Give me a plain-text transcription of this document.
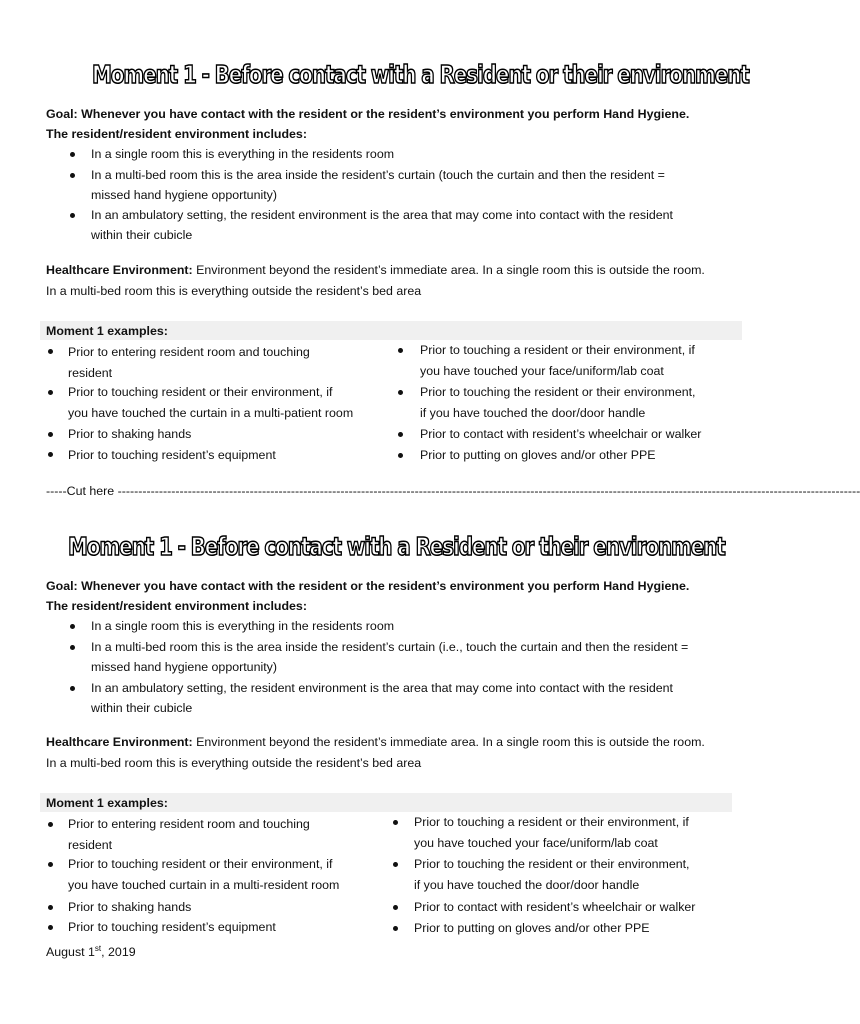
Moment 1 - Before contact with a Resident or their environment
Goal: Whenever you have contact with the resident or the resident’s environment you perform Hand Hygiene.
The resident/resident environment includes:
In a single room this is everything in the residents room
In a multi-bed room this is the area inside the resident’s curtain (touch the curtain and then the resident =
missed hand hygiene opportunity)
In an ambulatory setting, the resident environment is the area that may come into contact with the resident
within their cubicle
Healthcare Environment: Environment beyond the resident’s immediate area. In a single room this is outside the room.
In a multi-bed room this is everything outside the resident’s bed area
Moment 1 examples:
Prior to entering resident room and touching
resident
Prior to touching resident or their environment, if
you have touched the curtain in a multi-patient room
Prior to shaking hands
Prior to touching resident’s equipment
Prior to touching a resident or their environment, if
you have touched your face/uniform/lab coat
Prior to touching the resident or their environment,
if you have touched the door/door handle
Prior to contact with resident’s wheelchair or walker
Prior to putting on gloves and/or other PPE
-----Cut here ------------------------------------------------------------------------------------------------------------------------------------------------------------------------------------
Moment 1 - Before contact with a Resident or their environment
Goal: Whenever you have contact with the resident or the resident’s environment you perform Hand Hygiene.
The resident/resident environment includes:
In a single room this is everything in the residents room
In a multi-bed room this is the area inside the resident’s curtain (i.e., touch the curtain and then the resident =
missed hand hygiene opportunity)
In an ambulatory setting, the resident environment is the area that may come into contact with the resident
within their cubicle
Healthcare Environment: Environment beyond the resident’s immediate area. In a single room this is outside the room.
In a multi-bed room this is everything outside the resident’s bed area
Moment 1 examples:
Prior to entering resident room and touching
resident
Prior to touching resident or their environment, if
you have touched curtain in a multi-resident room
Prior to shaking hands
Prior to touching resident’s equipment
Prior to touching a resident or their environment, if
you have touched your face/uniform/lab coat
Prior to touching the resident or their environment,
if you have touched the door/door handle
Prior to contact with resident’s wheelchair or walker
Prior to putting on gloves and/or other PPE
August 1st, 2019
